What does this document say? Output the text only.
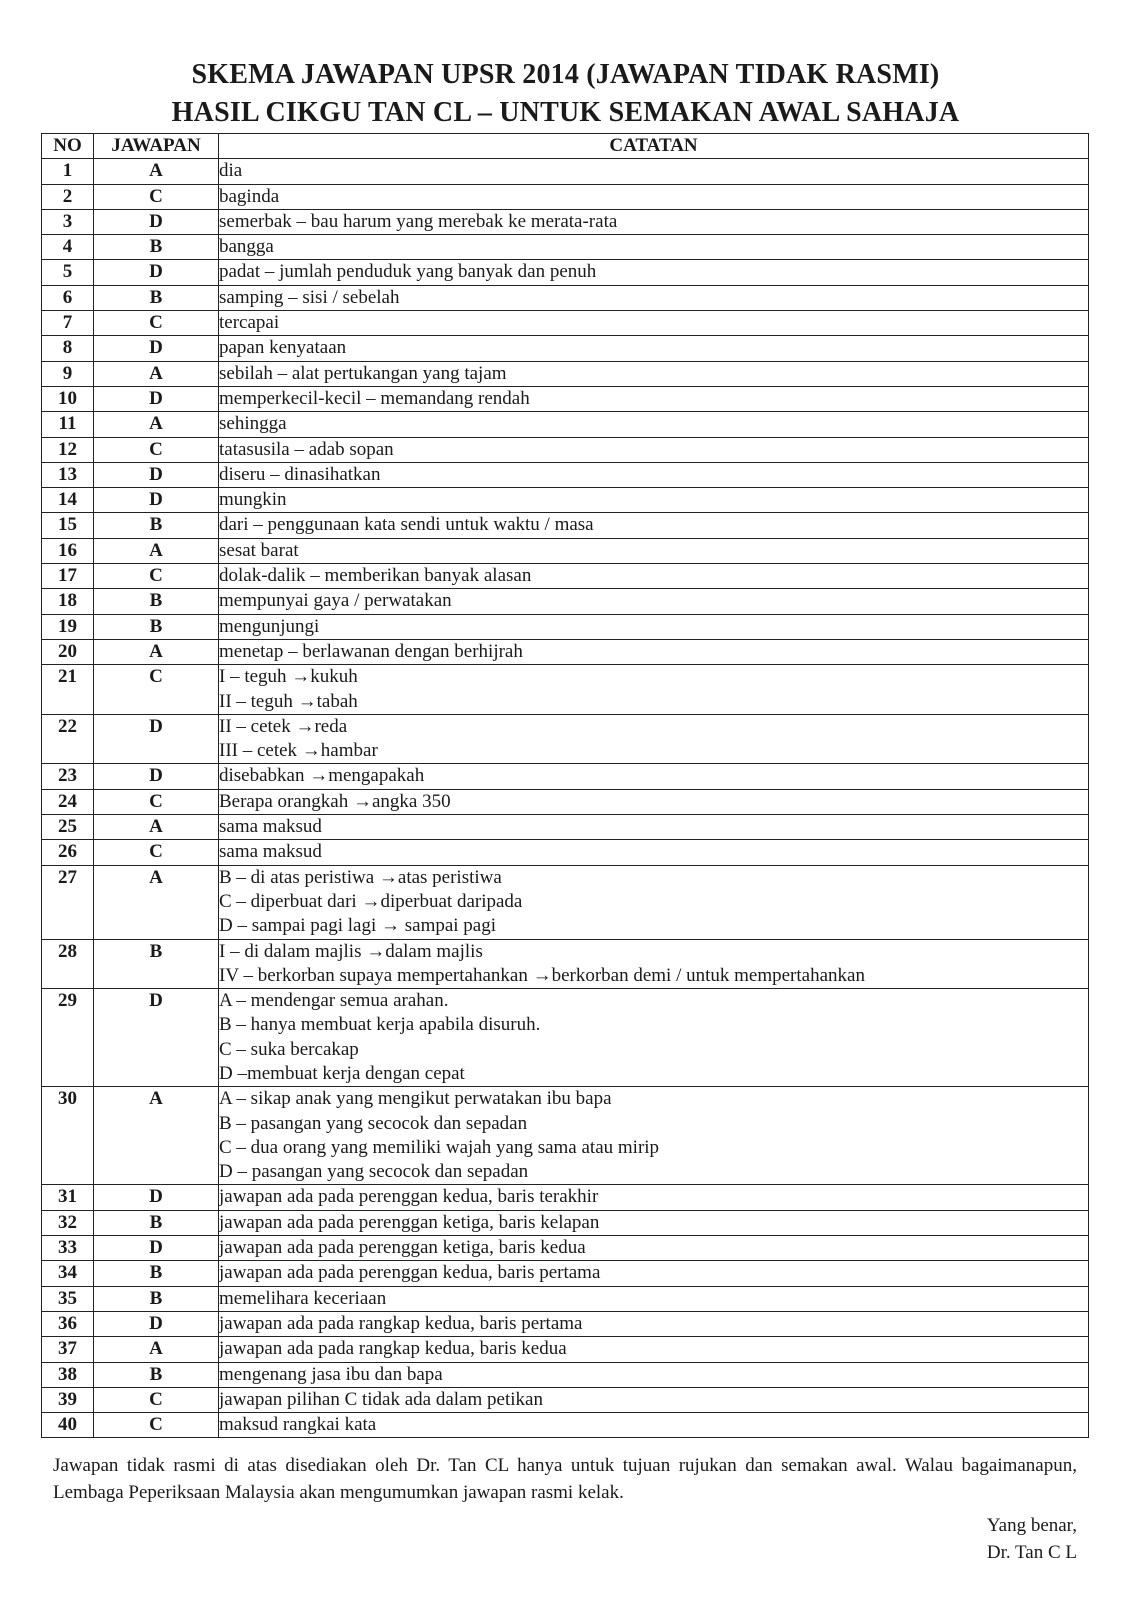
SKEMA JAWAPAN UPSR 2014 (JAWAPAN TIDAK RASMI)
HASIL CIKGU TAN CL – UNTUK SEMAKAN AWAL SAHAJA
NO	JAWAPAN	CATATAN
1	A	dia

2	C	baginda

3	D	semerbak – bau harum yang merebak ke merata-rata

4	B	bangga

5	D	padat – jumlah penduduk yang banyak dan penuh

6	B	samping – sisi / sebelah

7	C	tercapai

8	D	papan kenyataan

9	A	sebilah – alat pertukangan yang tajam

10	D	memperkecil-kecil – memandang rendah

11	A	sehingga

12	C	tatasusila – adab sopan

13	D	diseru – dinasihatkan

14	D	mungkin

15	B	dari – penggunaan kata sendi untuk waktu / masa

16	A	sesat barat

17	C	dolak-dalik – memberikan banyak alasan

18	B	mempunyai gaya / perwatakan

19	B	mengunjungi

20	A	menetap – berlawanan dengan berhijrah

21	C	I – teguh →kukuh
II – teguh →tabah

22	D	II – cetek →reda
III – cetek →hambar

23	D	disebabkan →mengapakah

24	C	Berapa orangkah →angka 350

25	A	sama maksud

26	C	sama maksud

27	A	B – di atas peristiwa →atas peristiwa
C – diperbuat dari →diperbuat daripada
D – sampai pagi lagi → sampai pagi

28	B	I – di dalam majlis →dalam majlis
IV – berkorban supaya mempertahankan →berkorban demi / untuk mempertahankan

29	D	A – mendengar semua arahan.
B – hanya membuat kerja apabila disuruh.
C – suka bercakap
D –membuat kerja dengan cepat

30	A	A – sikap anak yang mengikut perwatakan ibu bapa
B – pasangan yang secocok dan sepadan
C – dua orang yang memiliki wajah yang sama atau mirip
D – pasangan yang secocok dan sepadan

31	D	jawapan ada pada perenggan kedua, baris terakhir

32	B	jawapan ada pada perenggan ketiga, baris kelapan

33	D	jawapan ada pada perenggan ketiga, baris kedua

34	B	jawapan ada pada perenggan kedua, baris pertama

35	B	memelihara keceriaan

36	D	jawapan ada pada rangkap kedua, baris pertama

37	A	jawapan ada pada rangkap kedua, baris kedua

38	B	mengenang jasa ibu dan bapa

39	C	jawapan pilihan C tidak ada dalam petikan

40	C	maksud rangkai kata
Jawapan tidak rasmi di atas disediakan oleh Dr. Tan CL hanya untuk tujuan rujukan dan semakan awal. Walau bagaimanapun, Lembaga Peperiksaan Malaysia akan mengumumkan jawapan rasmi kelak.
Yang benar,
Dr. Tan C L
